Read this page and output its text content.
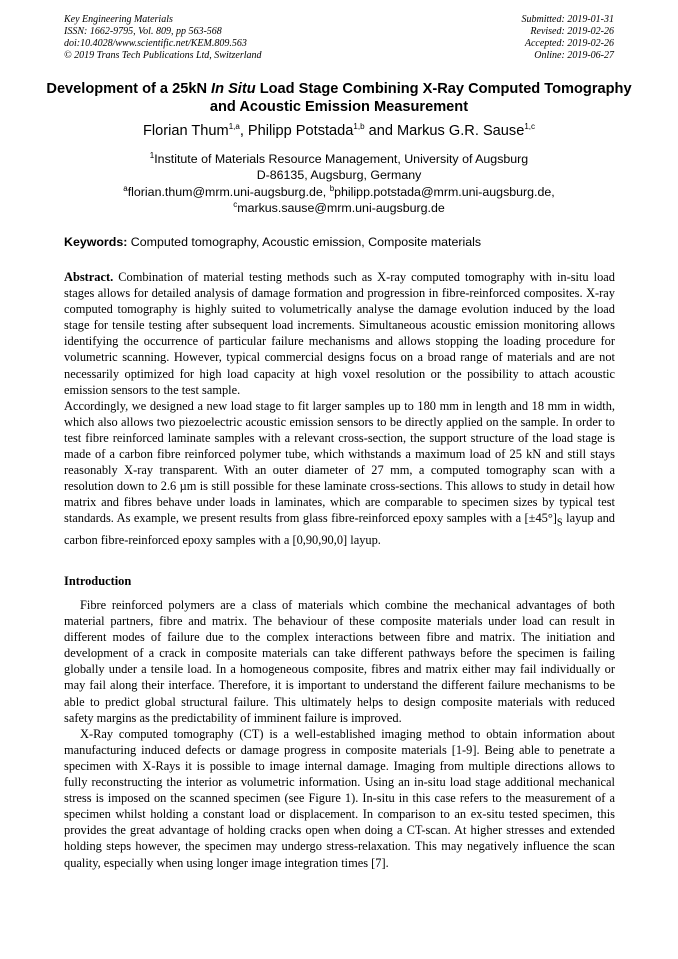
Key Engineering Materials
ISSN: 1662-9795, Vol. 809, pp 563-568
doi:10.4028/www.scientific.net/KEM.809.563
© 2019 Trans Tech Publications Ltd, Switzerland
Submitted: 2019-01-31
Revised: 2019-02-26
Accepted: 2019-02-26
Online: 2019-06-27
Development of a 25kN In Situ Load Stage Combining X-Ray Computed Tomography and Acoustic Emission Measurement
Florian Thum$^{1,a}$, Philipp Potstada$^{1,b}$ and Markus G.R. Sause$^{1,c}$
$^1$Institute of Materials Resource Management, University of Augsburg
D-86135, Augsburg, Germany
$^a$florian.thum@mrm.uni-augsburg.de, $^b$philipp.potstada@mrm.uni-augsburg.de,
$^c$markus.sause@mrm.uni-augsburg.de
Keywords: Computed tomography, Acoustic emission, Composite materials

Abstract. Combination of material testing methods such as X-ray computed tomography with in-situ load stages allows for detailed analysis of damage formation and progression in fibre-reinforced composites. X-ray computed tomography is highly suited to volumetrically analyse the damage evolution induced by the load stage for tensile testing after subsequent load increments. Simultaneous acoustic emission monitoring allows identifying the occurrence of particular failure mechanisms and allows stopping the loading procedure for volumetric scanning. However, typical commercial designs focus on a broad range of materials and are not necessarily optimized for high load capacity at high voxel resolution or the possibility to attach acoustic emission sensors to the test sample.

Accordingly, we designed a new load stage to fit larger samples up to 180 mm in length and 18 mm in width, which also allows two piezoelectric acoustic emission sensors to be directly applied on the sample. In order to test fibre reinforced laminate samples with a relevant cross-section, the support structure of the load stage is made of a carbon fibre reinforced polymer tube, which withstands a maximum load of 25 kN and still stays reasonably X-ray transparent. With an outer diameter of 27 mm, a computed tomography scan with a resolution down to 2.6 µm is still possible for these laminate cross-sections. This allows to study in detail how matrix and fibres behave under loads in laminates, which are comparable to specimen sizes by typical test standards. As example, we present results from glass fibre-reinforced epoxy samples with a $[\pm 45^\circ]_S$ layup and carbon fibre-reinforced epoxy samples with a [0,90,90,0] layup.

Introduction

Fibre reinforced polymers are a class of materials which combine the mechanical advantages of both material partners, fibre and matrix. The behaviour of these composite materials under load can result in different modes of failure due to the complex interactions between fibre and matrix. The initiation and development of a crack in composite materials can take different pathways before the specimen is failing globally under a tensile load. In a homogeneous composite, fibres and matrix either may fail individually or may fail along their interface. Therefore, it is important to understand the different failure mechanisms to be able to predict global structural failure. This ultimately helps to design composite materials with reduced safety margins as the predictability of imminent failure is improved.

X-Ray computed tomography (CT) is a well-established imaging method to obtain information about manufacturing induced defects or damage progress in composite materials [1-9]. Being able to penetrate a specimen with X-Rays it is possible to image internal damage. Imaging from multiple directions allows to fully reconstructing the interior as volumetric information. Using an in-situ load stage additional mechanical stress is imposed on the scanned specimen (see Figure 1). In-situ in this case refers to the measurement of a specimen whilst holding a constant load or displacement. In comparison to an ex-situ tested specimen, this provides the great advantage of holding cracks open when doing a CT-scan. At higher stresses and extended holding steps however, the specimen may undergo stress-relaxation. This may negatively influence the scan quality, especially when using longer image integration times [7].
